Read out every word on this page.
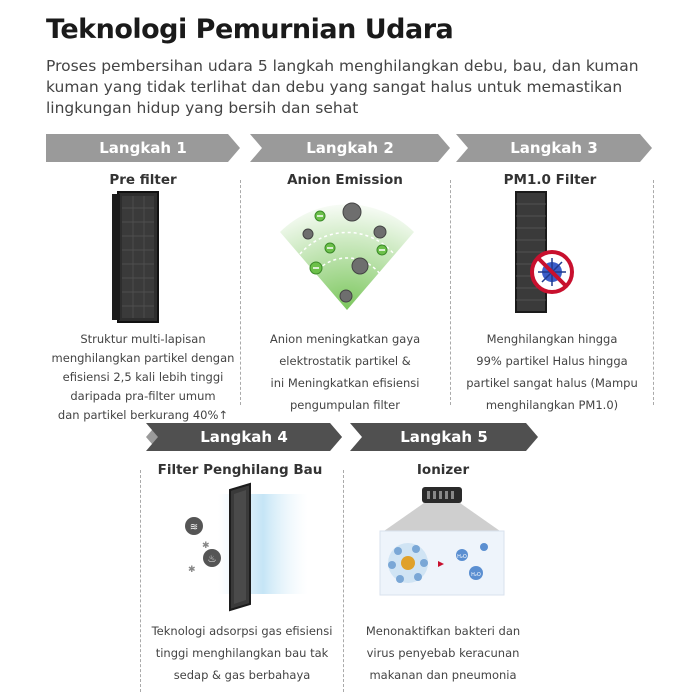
Teknologi Pemurnian Udara

Proses pembersihan udara 5 langkah menghilangkan debu, bau, dan kuman kuman yang tidak terlihat dan debu yang sangat halus untuk memastikan lingkungan hidup yang bersih dan sehat

Langkah 1	Langkah 2	Langkah 3
Pre filter	Anion Emission	PM1.0 Filter
Struktur multi-lapisan
menghilangkan partikel dengan
efisiensi 2,5 kali lebih tinggi
daripada pra-filter umum
dan partikel berkurang 40%↑
Anion meningkatkan gaya
elektrostatik partikel &
ini Meningkatkan efisiensi
pengumpulan filter
Menghilangkan hingga
99% partikel Halus hingga
partikel sangat halus (Mampu
menghilangkan PM1.0)
Langkah 4	Langkah 5
Filter Penghilang Bau	Ionizer
≋
♨
✱
✱
H₂O
H₂O
Teknologi adsorpsi gas efisiensi
tinggi menghilangkan bau tak
sedap & gas berbahaya
Menonaktifkan bakteri dan
virus penyebab keracunan
makanan dan pneumonia
